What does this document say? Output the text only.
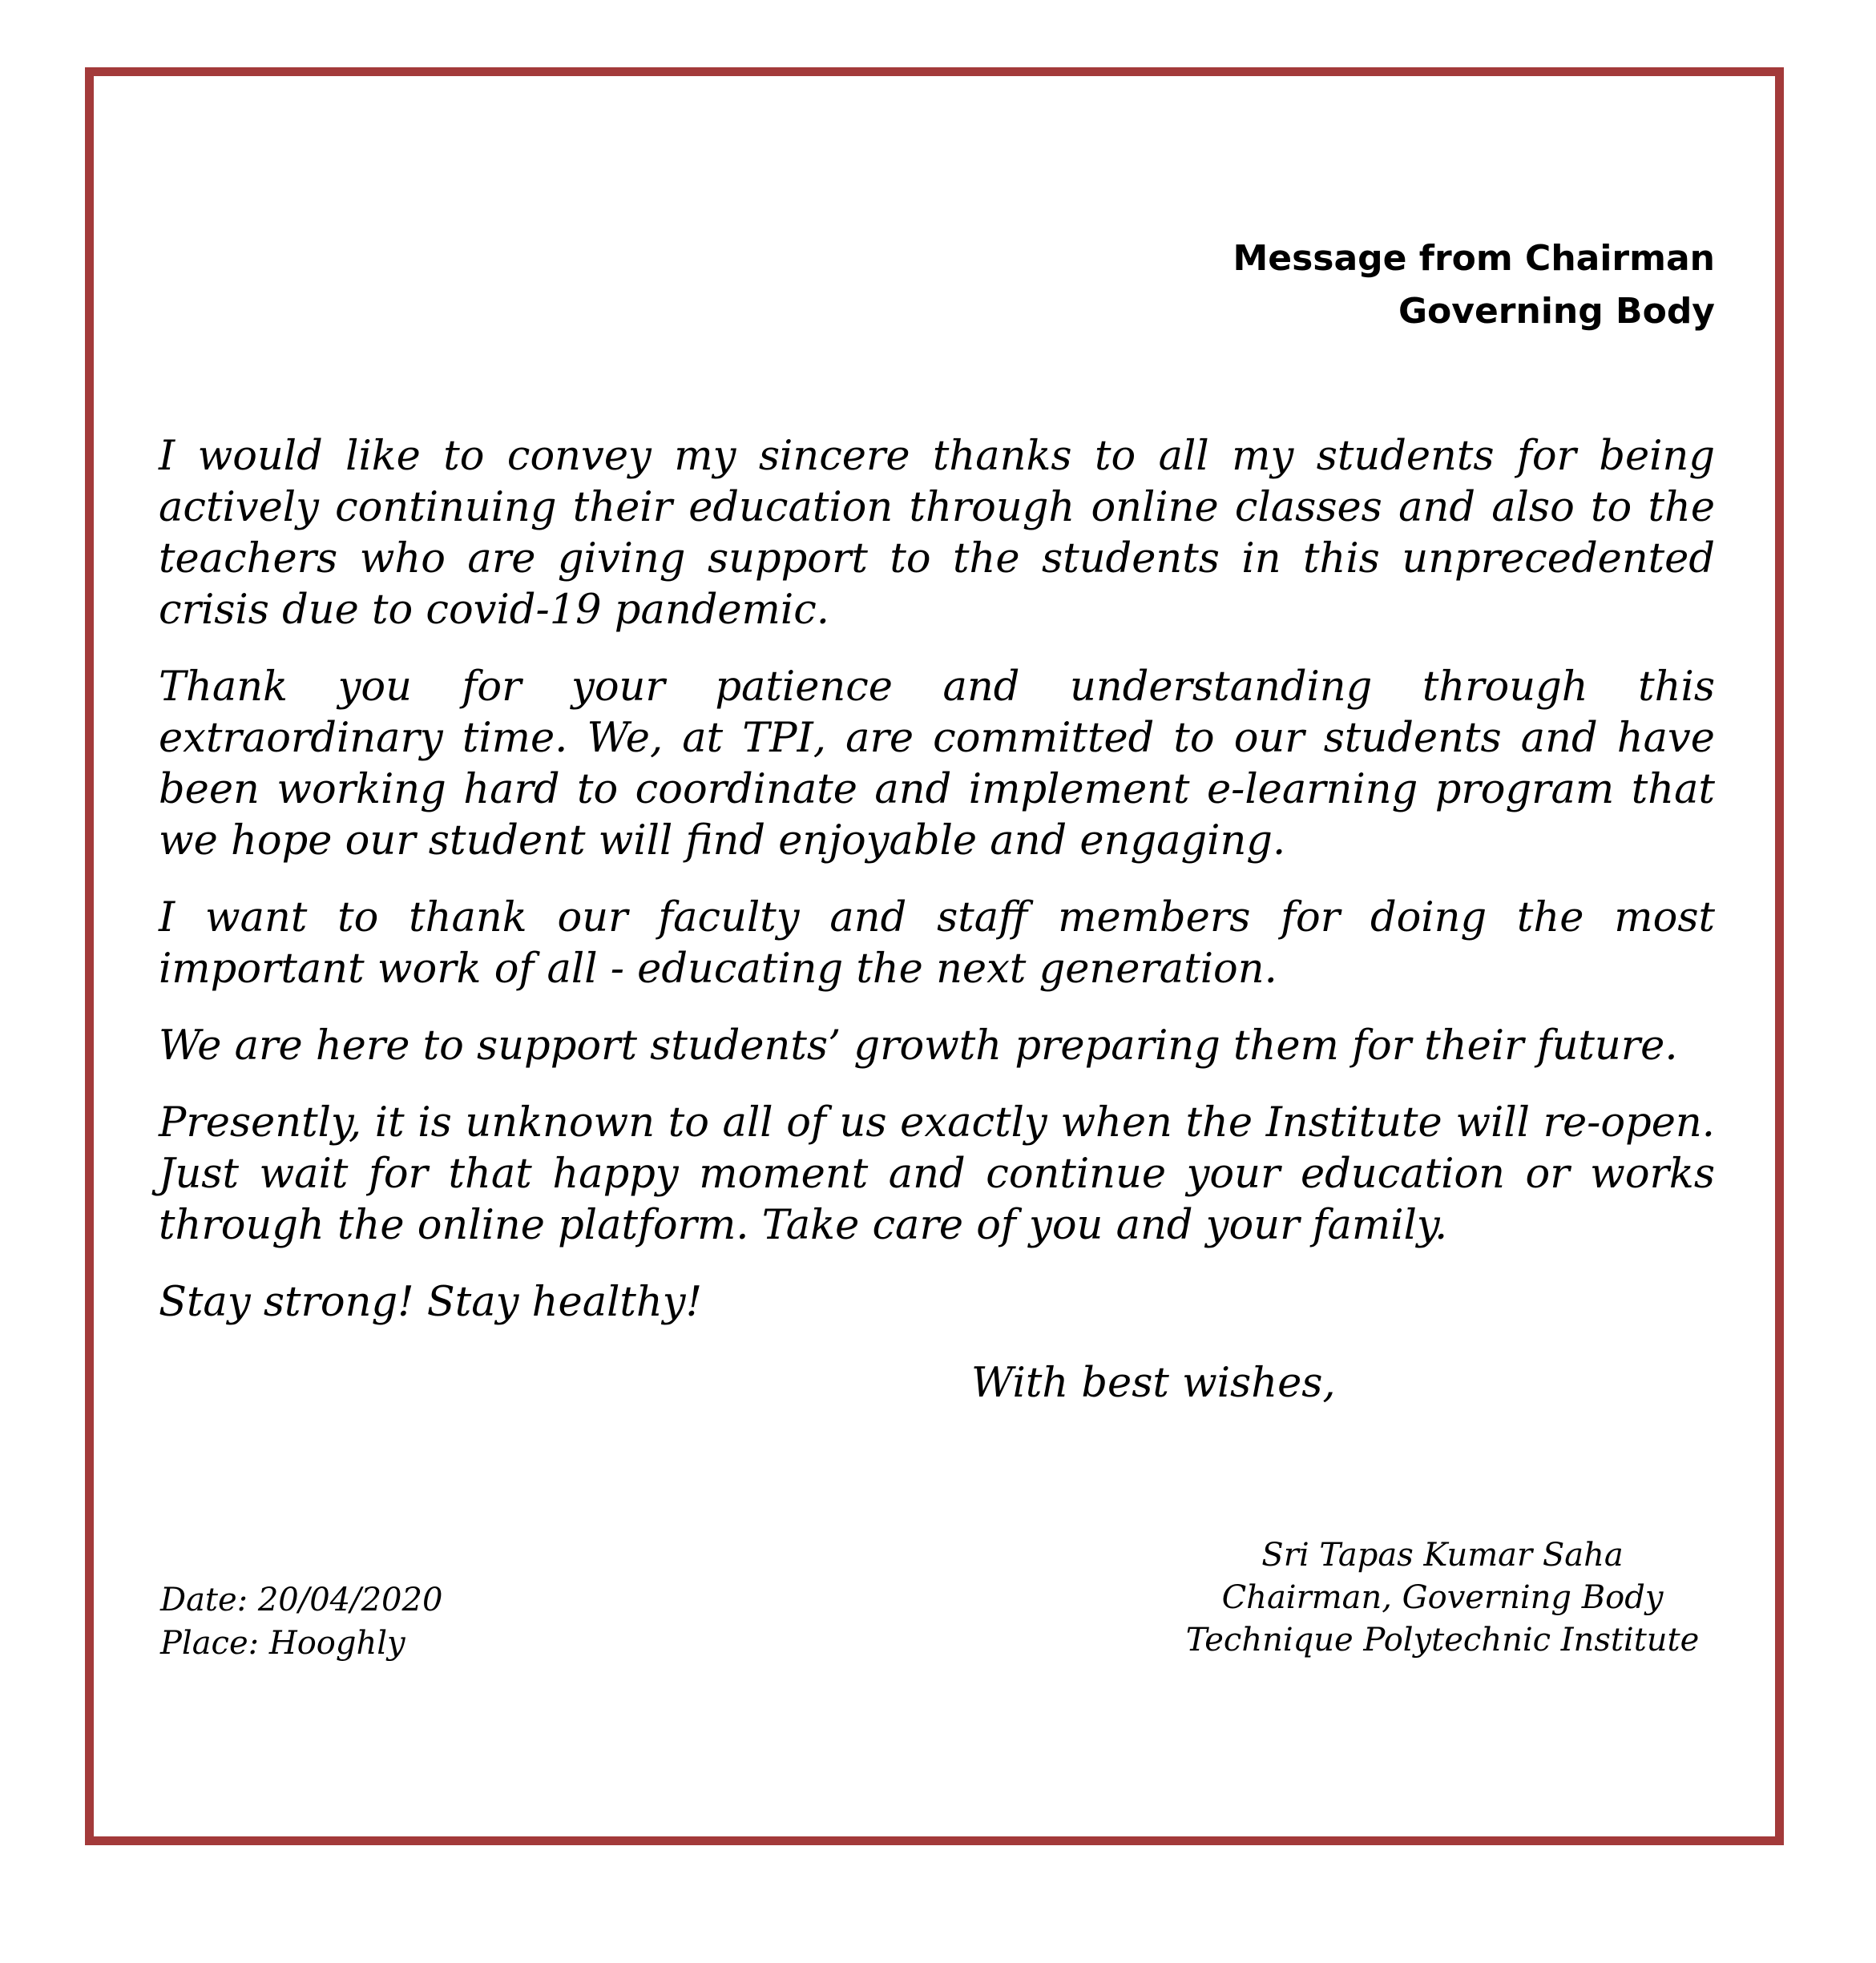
Message from Chairman
Governing Body

I would like to convey my sincere thanks to all my students for being actively continuing their education through online classes and also to the teachers who are giving support to the students in this unprecedented crisis due to covid-19 pandemic.

Thank you for your patience and understanding through this extraordinary time. We, at TPI, are committed to our students and have been working hard to coordinate and implement e-learning program that we hope our student will find enjoyable and engaging.

I want to thank our faculty and staff members for doing the most important work of all - educating the next generation.

We are here to support students’ growth preparing them for their future.

Presently, it is unknown to all of us exactly when the Institute will re-open. Just wait for that happy moment and continue your education or works through the online platform. Take care of you and your family.

Stay strong! Stay healthy!

With best wishes,
Date: 20/04/2020
Place: Hooghly
Sri Tapas Kumar Saha
Chairman, Governing Body
Technique Polytechnic Institute
